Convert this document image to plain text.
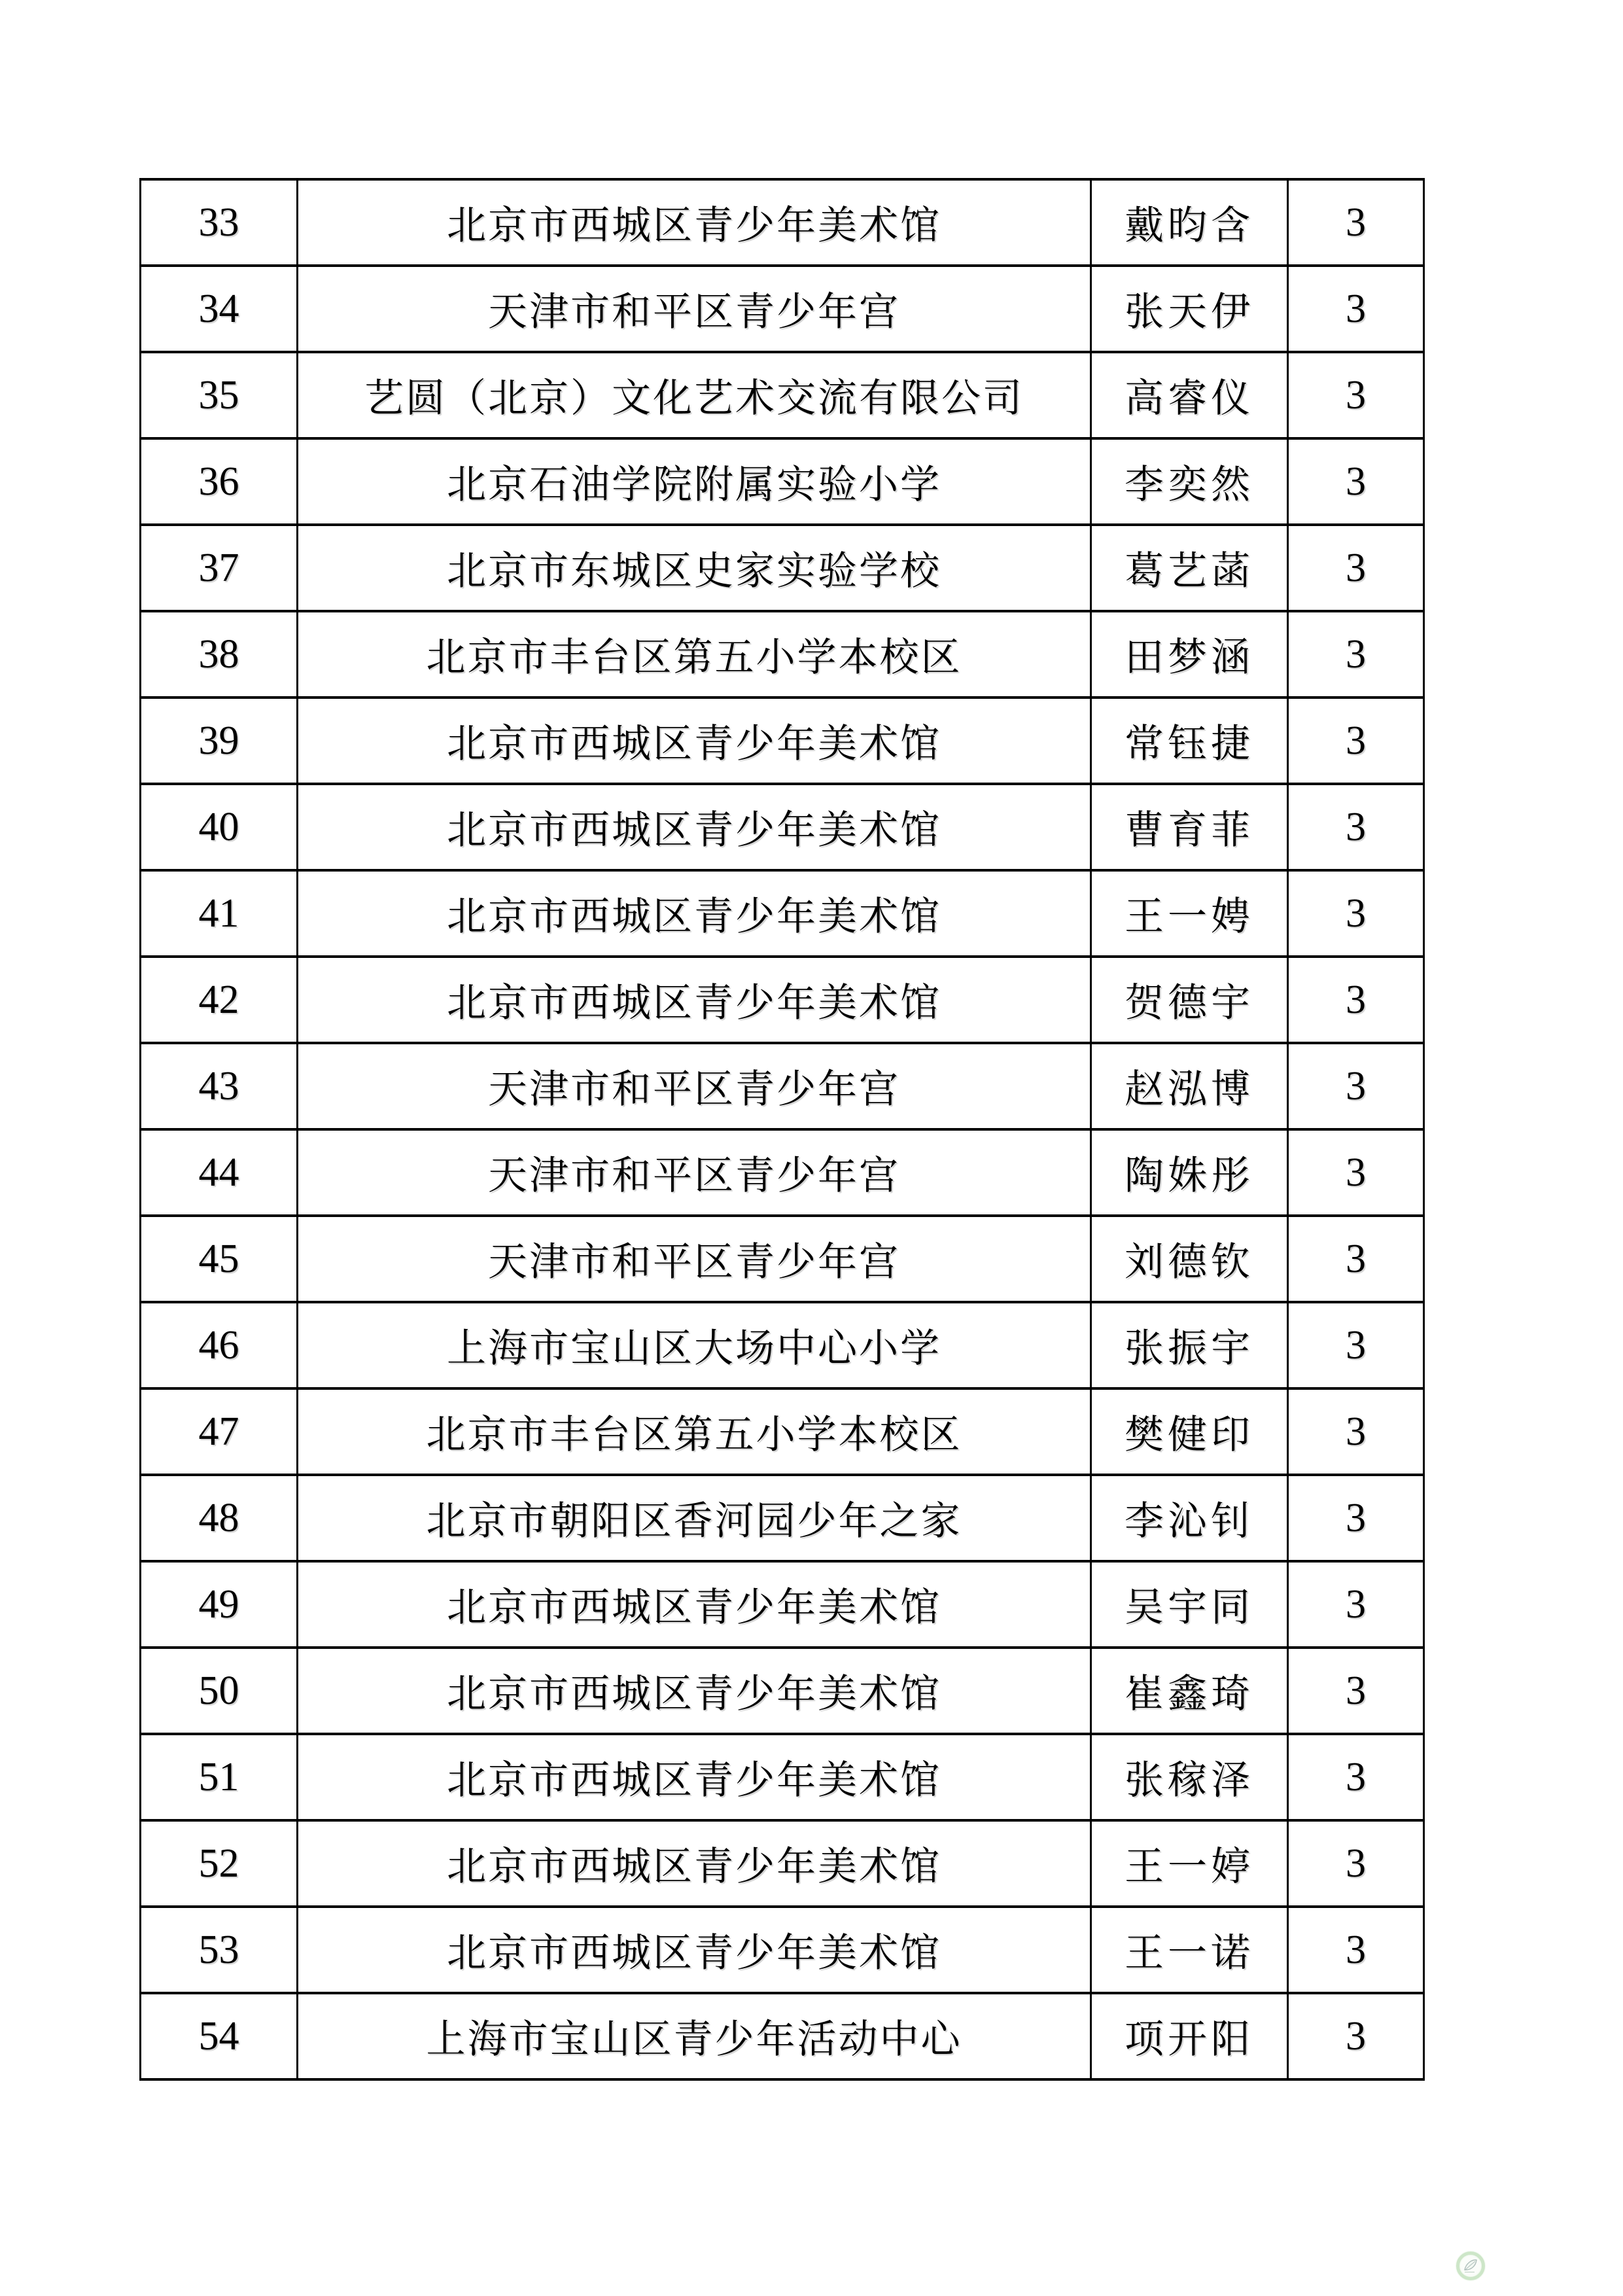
33	北京市西城区青少年美术馆	戴昀含	3
34	天津市和平区青少年宫	张天伊	3
35	艺圆（北京）文化艺术交流有限公司	高睿仪	3
36	北京石油学院附属实验小学	李奕然	3
37	北京市东城区史家实验学校	葛艺菡	3
38	北京市丰台区第五小学本校区	田梦涵	3
39	北京市西城区青少年美术馆	常钰捷	3
40	北京市西城区青少年美术馆	曹育菲	3
41	北京市西城区青少年美术馆	王一娉	3
42	北京市西城区青少年美术馆	贺德宇	3
43	天津市和平区青少年宫	赵泓博	3
44	天津市和平区青少年宫	陶姝彤	3
45	天津市和平区青少年宫	刘德钦	3
46	上海市宝山区大场中心小学	张振宇	3
47	北京市丰台区第五小学本校区	樊健印	3
48	北京市朝阳区香河园少年之家	李沁钊	3
49	北京市西城区青少年美术馆	吴宇同	3
50	北京市西城区青少年美术馆	崔鑫琦	3
51	北京市西城区青少年美术馆	张稼泽	3
52	北京市西城区青少年美术馆	王一婷	3
53	北京市西城区青少年美术馆	王一诺	3
54	上海市宝山区青少年活动中心	项开阳	3
